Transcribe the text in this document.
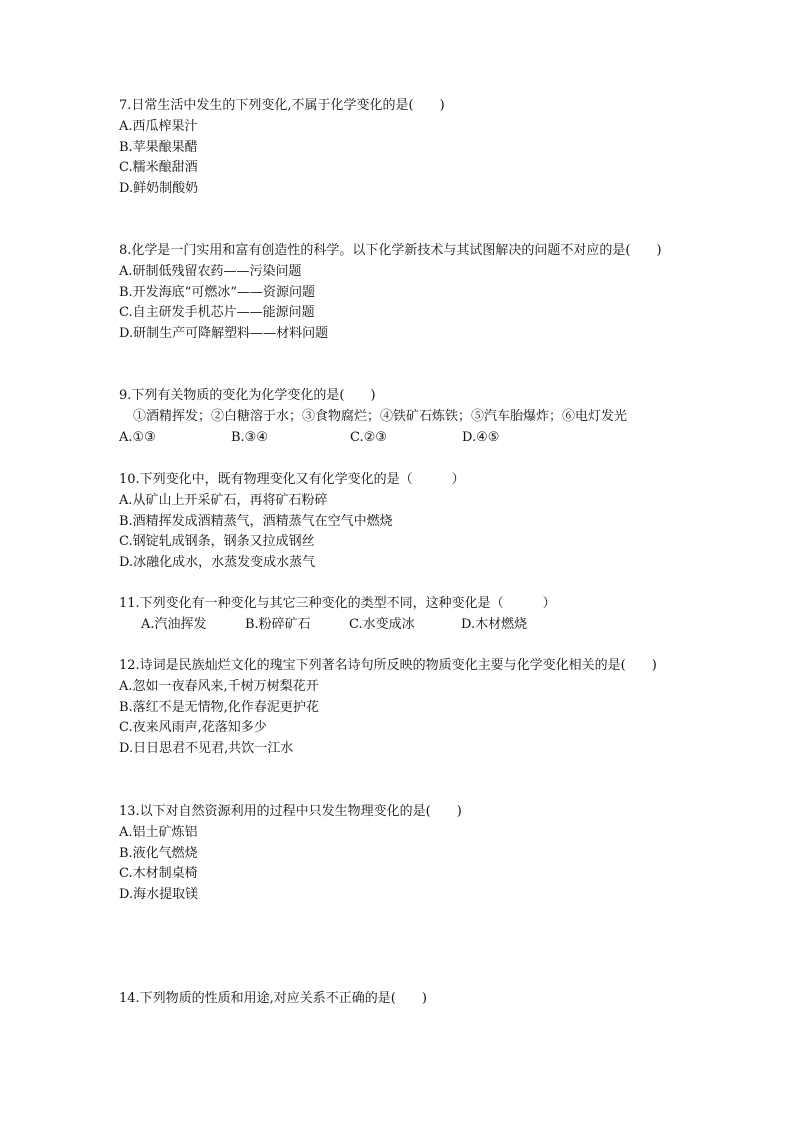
7.日常生活中发生的下列变化,不属于化学变化的是(　　)

A.西瓜榨果汁

B.苹果酿果醋

C.糯米酿甜酒

D.鲜奶制酸奶

8.化学是一门实用和富有创造性的科学。以下化学新技术与其试图解决的问题不对应的是(　　)

A.研制低残留农药——污染问题

B.开发海底“可燃冰”——资源问题

C.自主研发手机芯片——能源问题

D.研制生产可降解塑料——材料问题

9.下列有关物质的变化为化学变化的是(　　)

①酒精挥发；②白糖溶于水；③食物腐烂；④铁矿石炼铁；⑤汽车胎爆炸；⑥电灯发光

A.①③	B.③④	C.②③	D.④⑤

10.下列变化中，既有物理变化又有化学变化的是（　　　）

A.从矿山上开采矿石，再将矿石粉碎

B.酒精挥发成酒精蒸气，酒精蒸气在空气中燃烧

C.钢锭轧成钢条，钢条又拉成钢丝

D.冰融化成水，水蒸发变成水蒸气

11.下列变化有一种变化与其它三种变化的类型不同，这种变化是（　　　）

A.汽油挥发	B.粉碎矿石	C.水变成冰	D.木材燃烧

12.诗词是民族灿烂文化的瑰宝下列著名诗句所反映的物质变化主要与化学变化相关的是(　　)

A.忽如一夜春风来,千树万树梨花开

B.落红不是无情物,化作春泥更护花

C.夜来风雨声,花落知多少

D.日日思君不见君,共饮一江水

13.以下对自然资源利用的过程中只发生物理变化的是(　　)

A.铝土矿炼铝

B.液化气燃烧

C.木材制桌椅

D.海水提取镁

14.下列物质的性质和用途,对应关系不正确的是(　　)
